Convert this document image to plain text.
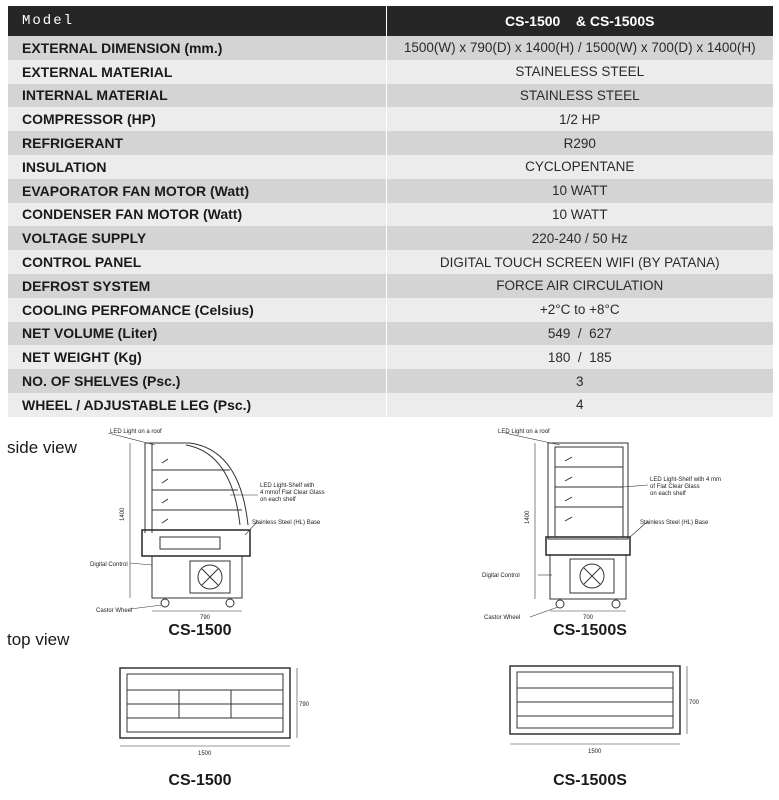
Model	CS-1500    & CS-1500S
EXTERNAL DIMENSION (mm.)	1500(W) x 790(D) x 1400(H) / 1500(W) x 700(D) x 1400(H)
EXTERNAL MATERIAL	STAINELESS STEEL
INTERNAL MATERIAL	STAINLESS STEEL
COMPRESSOR (HP)	1/2 HP
REFRIGERANT	R290
INSULATION	CYCLOPENTANE
EVAPORATOR FAN MOTOR (Watt)	10 WATT
CONDENSER FAN MOTOR (Watt)	10 WATT
VOLTAGE SUPPLY	220-240 / 50 Hz
CONTROL PANEL	DIGITAL TOUCH SCREEN WIFI (BY PATANA)
DEFROST SYSTEM	FORCE AIR CIRCULATION
COOLING PERFOMANCE (Celsius)	+2°C to +8°C
NET VOLUME (Liter)	549  /  627
NET WEIGHT (Kg)	180  /  185
NO. OF SHELVES (Psc.)	3
WHEEL / ADJUSTABLE LEG (Psc.)	4
side view
top view
LED Light on a roof
LED Light-Shelf with
4 mmof Flat Clear Glass
on each shelf
Stainless Steel (HL) Base
Digital Control
Castor Wheel
1400
790
LED Light on a roof
LED Light-Shelf with 4 mm
of Flat Clear Glass
on each shelf
Stainless Steel (HL) Base
Digital Control
Castor Wheel
1400
700
CS-1500	CS-1500S
1500
790
1500
700
CS-1500	CS-1500S
